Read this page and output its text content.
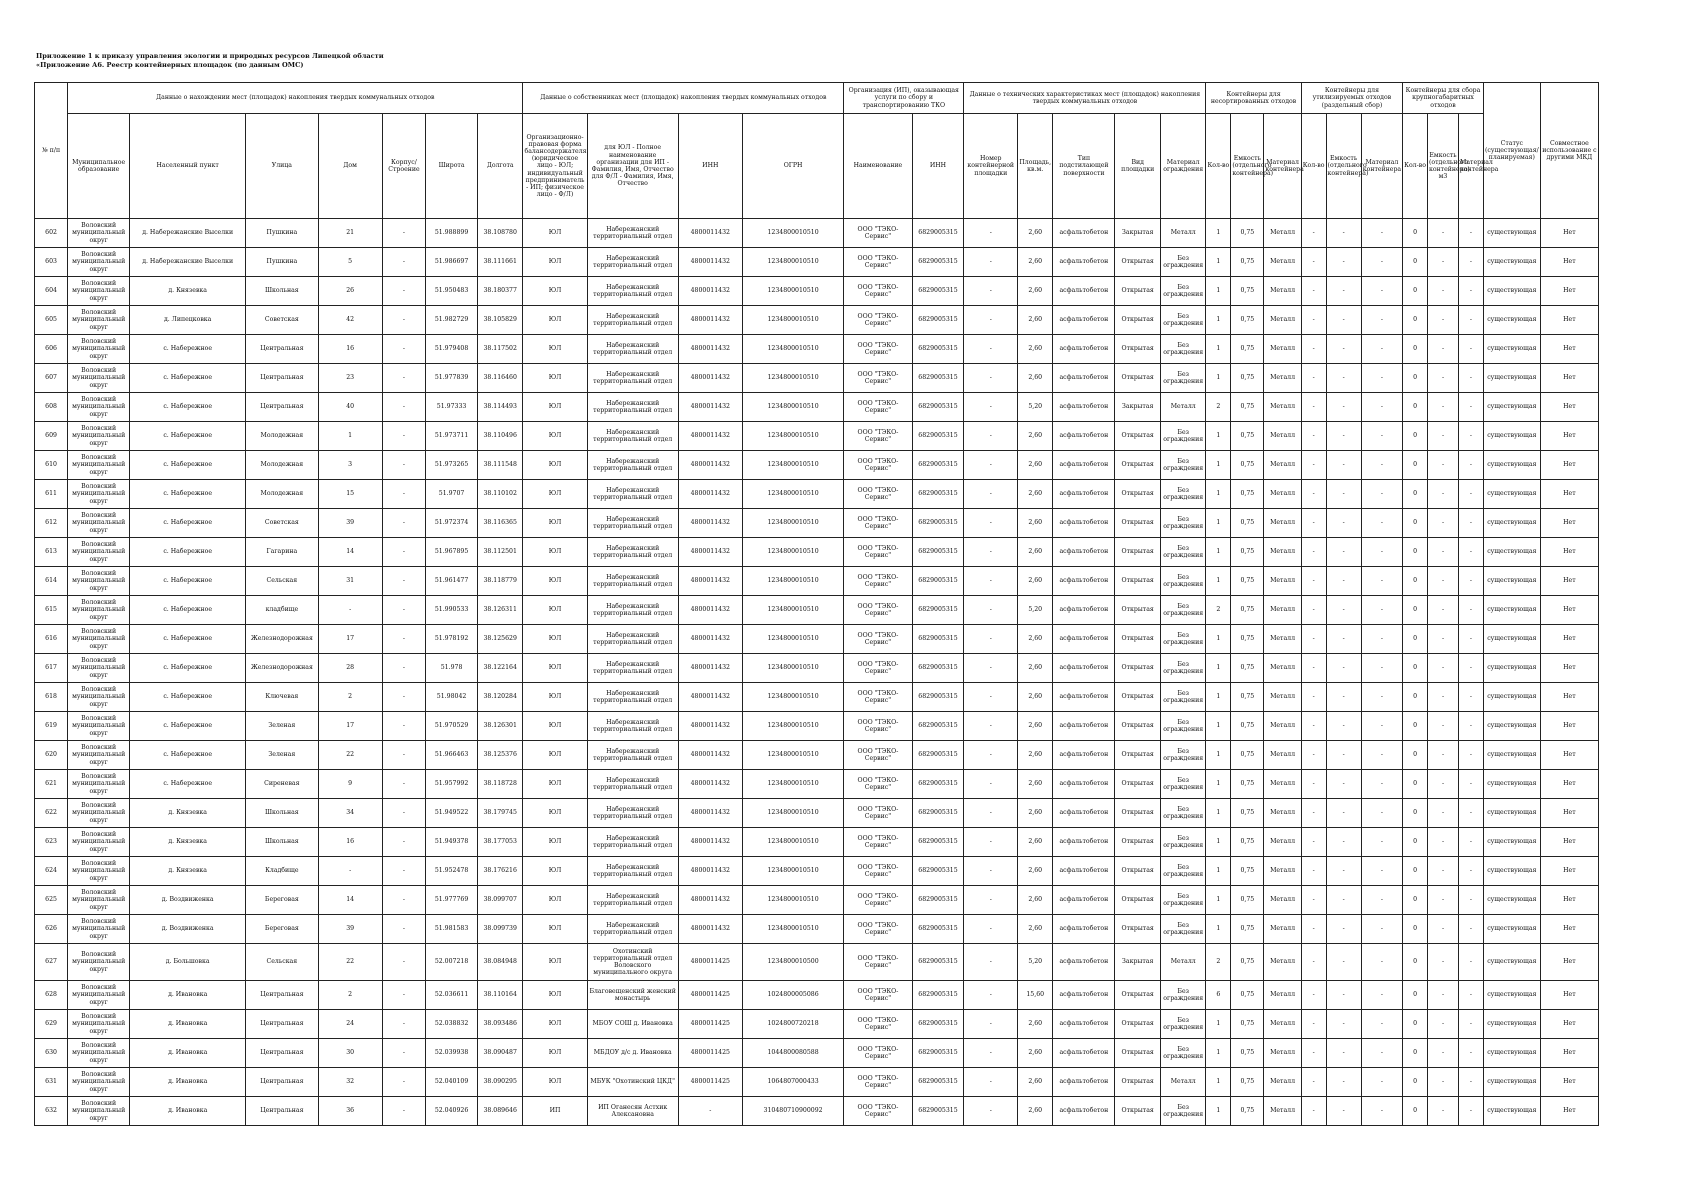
Приложение 1 к приказу управления экологии и природных ресурсов Липецкой области
«Приложение А6. Реестр контейнерных площадок (по данным ОМС)
№ п/п	Данные о нахождении мест (площадок) накопления твердых коммунальных отходов							Данные о собственниках мест (площадок) накопления твердых коммунальных отходов				Организация (ИП), оказывающая услуги по сбору и транспортированию ТКО		Данные о технических характеристиках мест (площадок) накопления твердых коммунальных отходов					Контейнеры для несортированных отходов			Контейнеры для утилизируемых отходов (раздельный сбор)			Контейнеры для сбора крупногабаритных отходов			Статус (существующая/планируемая)	Совместное использование с другими МКД
	Муниципальное образование	Населенный пункт	Улица	Дом	Корпус/Строение	Широта	Долгота	Организационно-правовая форма балансодержателя (юридическое лицо - ЮЛ; индивидуальный предприниматель - ИП; физическое лицо - Ф/Л)	для ЮЛ - Полное наименование организации для ИП - Фамилия, Имя, Отчество для Ф/Л - Фамилия, Имя, Отчество	ИНН	ОГРН	Наименование	ИНН	Номер контейнерной площадки	Площадь, кв.м.	Тип подстилающей поверхности	Вид площадки	Материал ограждения	Кол-во	Емкость (отдельного контейнера)	Материал контейнера	Кол-во	Емкость (отдельного контейнера)	Материал контейнера	Кол-во	Емкость (отдельного контейнера) м3	Материал контейнера		
602	Воловский муниципальный округ	д. Набережанские Выселки	Пушкина	21	-	51.988899	38.108780	ЮЛ	Набережанский территориальный отдел	4800011432	1234800010510	ООО "ТЭКО-Сервис"	6829005315	-	2,60	асфальтобетон	Закрытая	Металл	1	0,75	Металл	-	-	-	0	-	-	существующая	Нет
603	Воловский муниципальный округ	д. Набережанские Выселки	Пушкина	5	-	51.986697	38.111661	ЮЛ	Набережанский территориальный отдел	4800011432	1234800010510	ООО "ТЭКО-Сервис"	6829005315	-	2,60	асфальтобетон	Открытая	Без ограждения	1	0,75	Металл	-	-	-	0	-	-	существующая	Нет
604	Воловский муниципальный округ	д. Князевка	Школьная	26	-	51.950483	38.180377	ЮЛ	Набережанский территориальный отдел	4800011432	1234800010510	ООО "ТЭКО-Сервис"	6829005315	-	2,60	асфальтобетон	Открытая	Без ограждения	1	0,75	Металл	-	-	-	0	-	-	существующая	Нет
605	Воловский муниципальный округ	д. Липецковка	Советская	42	-	51.982729	38.105829	ЮЛ	Набережанский территориальный отдел	4800011432	1234800010510	ООО "ТЭКО-Сервис"	6829005315	-	2,60	асфальтобетон	Открытая	Без ограждения	1	0,75	Металл	-	-	-	0	-	-	существующая	Нет
606	Воловский муниципальный округ	с. Набережное	Центральная	16	-	51.979408	38.117502	ЮЛ	Набережанский территориальный отдел	4800011432	1234800010510	ООО "ТЭКО-Сервис"	6829005315	-	2,60	асфальтобетон	Открытая	Без ограждения	1	0,75	Металл	-	-	-	0	-	-	существующая	Нет
607	Воловский муниципальный округ	с. Набережное	Центральная	23	-	51.977839	38.116460	ЮЛ	Набережанский территориальный отдел	4800011432	1234800010510	ООО "ТЭКО-Сервис"	6829005315	-	2,60	асфальтобетон	Открытая	Без ограждения	1	0,75	Металл	-	-	-	0	-	-	существующая	Нет
608	Воловский муниципальный округ	с. Набережное	Центральная	40	-	51.97333	38.114493	ЮЛ	Набережанский территориальный отдел	4800011432	1234800010510	ООО "ТЭКО-Сервис"	6829005315	-	5,20	асфальтобетон	Закрытая	Металл	2	0,75	Металл	-	-	-	0	-	-	существующая	Нет
609	Воловский муниципальный округ	с. Набережное	Молодежная	1	-	51.973711	38.110496	ЮЛ	Набережанский территориальный отдел	4800011432	1234800010510	ООО "ТЭКО-Сервис"	6829005315	-	2,60	асфальтобетон	Открытая	Без ограждения	1	0,75	Металл	-	-	-	0	-	-	существующая	Нет
610	Воловский муниципальный округ	с. Набережное	Молодежная	3	-	51.973265	38.111548	ЮЛ	Набережанский территориальный отдел	4800011432	1234800010510	ООО "ТЭКО-Сервис"	6829005315	-	2,60	асфальтобетон	Открытая	Без ограждения	1	0,75	Металл	-	-	-	0	-	-	существующая	Нет
611	Воловский муниципальный округ	с. Набережное	Молодежная	15	-	51.9707	38.110102	ЮЛ	Набережанский территориальный отдел	4800011432	1234800010510	ООО "ТЭКО-Сервис"	6829005315	-	2,60	асфальтобетон	Открытая	Без ограждения	1	0,75	Металл	-	-	-	0	-	-	существующая	Нет
612	Воловский муниципальный округ	с. Набережное	Советская	39	-	51.972374	38.116365	ЮЛ	Набережанский территориальный отдел	4800011432	1234800010510	ООО "ТЭКО-Сервис"	6829005315	-	2,60	асфальтобетон	Открытая	Без ограждения	1	0,75	Металл	-	-	-	0	-	-	существующая	Нет
613	Воловский муниципальный округ	с. Набережное	Гагарина	14	-	51.967895	38.112501	ЮЛ	Набережанский территориальный отдел	4800011432	1234800010510	ООО "ТЭКО-Сервис"	6829005315	-	2,60	асфальтобетон	Открытая	Без ограждения	1	0,75	Металл	-	-	-	0	-	-	существующая	Нет
614	Воловский муниципальный округ	с. Набережное	Сельская	31	-	51.961477	38.118779	ЮЛ	Набережанский территориальный отдел	4800011432	1234800010510	ООО "ТЭКО-Сервис"	6829005315	-	2,60	асфальтобетон	Открытая	Без ограждения	1	0,75	Металл	-	-	-	0	-	-	существующая	Нет
615	Воловский муниципальный округ	с. Набережное	кладбище	-	-	51.990533	38.126311	ЮЛ	Набережанский территориальный отдел	4800011432	1234800010510	ООО "ТЭКО-Сервис"	6829005315	-	5,20	асфальтобетон	Открытая	Без ограждения	2	0,75	Металл	-	-	-	0	-	-	существующая	Нет
616	Воловский муниципальный округ	с. Набережное	Железнодорожная	17	-	51.978192	38.125629	ЮЛ	Набережанский территориальный отдел	4800011432	1234800010510	ООО "ТЭКО-Сервис"	6829005315	-	2,60	асфальтобетон	Открытая	Без ограждения	1	0,75	Металл	-	-	-	0	-	-	существующая	Нет
617	Воловский муниципальный округ	с. Набережное	Железнодорожная	28	-	51.978	38.122164	ЮЛ	Набережанский территориальный отдел	4800011432	1234800010510	ООО "ТЭКО-Сервис"	6829005315	-	2,60	асфальтобетон	Открытая	Без ограждения	1	0,75	Металл	-	-	-	0	-	-	существующая	Нет
618	Воловский муниципальный округ	с. Набережное	Ключевая	2	-	51.98042	38.120284	ЮЛ	Набережанский территориальный отдел	4800011432	1234800010510	ООО "ТЭКО-Сервис"	6829005315	-	2,60	асфальтобетон	Открытая	Без ограждения	1	0,75	Металл	-	-	-	0	-	-	существующая	Нет
619	Воловский муниципальный округ	с. Набережное	Зеленая	17	-	51.970529	38.126301	ЮЛ	Набережанский территориальный отдел	4800011432	1234800010510	ООО "ТЭКО-Сервис"	6829005315	-	2,60	асфальтобетон	Открытая	Без ограждения	1	0,75	Металл	-	-	-	0	-	-	существующая	Нет
620	Воловский муниципальный округ	с. Набережное	Зеленая	22	-	51.966463	38.125376	ЮЛ	Набережанский территориальный отдел	4800011432	1234800010510	ООО "ТЭКО-Сервис"	6829005315	-	2,60	асфальтобетон	Открытая	Без ограждения	1	0,75	Металл	-	-	-	0	-	-	существующая	Нет
621	Воловский муниципальный округ	с. Набережное	Сиреневая	9	-	51.957992	38.118728	ЮЛ	Набережанский территориальный отдел	4800011432	1234800010510	ООО "ТЭКО-Сервис"	6829005315	-	2,60	асфальтобетон	Открытая	Без ограждения	1	0,75	Металл	-	-	-	0	-	-	существующая	Нет
622	Воловский муниципальный округ	д. Князевка	Школьная	34	-	51.949522	38.179745	ЮЛ	Набережанский территориальный отдел	4800011432	1234800010510	ООО "ТЭКО-Сервис"	6829005315	-	2,60	асфальтобетон	Открытая	Без ограждения	1	0,75	Металл	-	-	-	0	-	-	существующая	Нет
623	Воловский муниципальный округ	д. Князевка	Школьная	16	-	51.949378	38.177053	ЮЛ	Набережанский территориальный отдел	4800011432	1234800010510	ООО "ТЭКО-Сервис"	6829005315	-	2,60	асфальтобетон	Открытая	Без ограждения	1	0,75	Металл	-	-	-	0	-	-	существующая	Нет
624	Воловский муниципальный округ	д. Князевка	Кладбище	-	-	51.952478	38.176216	ЮЛ	Набережанский территориальный отдел	4800011432	1234800010510	ООО "ТЭКО-Сервис"	6829005315	-	2,60	асфальтобетон	Открытая	Без ограждения	1	0,75	Металл	-	-	-	0	-	-	существующая	Нет
625	Воловский муниципальный округ	д. Воздвиженка	Береговая	14	-	51.977769	38.099707	ЮЛ	Набережанский территориальный отдел	4800011432	1234800010510	ООО "ТЭКО-Сервис"	6829005315	-	2,60	асфальтобетон	Открытая	Без ограждения	1	0,75	Металл	-	-	-	0	-	-	существующая	Нет
626	Воловский муниципальный округ	д. Воздвиженка	Береговая	39	-	51.981583	38.099739	ЮЛ	Набережанский территориальный отдел	4800011432	1234800010510	ООО "ТЭКО-Сервис"	6829005315	-	2,60	асфальтобетон	Открытая	Без ограждения	1	0,75	Металл	-	-	-	0	-	-	существующая	Нет
627	Воловский муниципальный округ	д. Большовка	Сельская	22	-	52.007218	38.084948	ЮЛ	Охотинский территориальный отдел Воловского муниципального округа	4800011425	1234800010500	ООО "ТЭКО-Сервис"	6829005315	-	5,20	асфальтобетон	Закрытая	Металл	2	0,75	Металл	-	-	-	0	-	-	существующая	Нет
628	Воловский муниципальный округ	д. Ивановка	Центральная	2	-	52.036611	38.110164	ЮЛ	Благовещенский женский монастырь	4800011425	1024800005086	ООО "ТЭКО-Сервис"	6829005315	-	15,60	асфальтобетон	Открытая	Без ограждения	6	0,75	Металл	-	-	-	0	-	-	существующая	Нет
629	Воловский муниципальный округ	д. Ивановка	Центральная	24	-	52.038832	38.093486	ЮЛ	МБОУ СОШ д. Ивановка	4800011425	1024800720218	ООО "ТЭКО-Сервис"	6829005315	-	2,60	асфальтобетон	Открытая	Без ограждения	1	0,75	Металл	-	-	-	0	-	-	существующая	Нет
630	Воловский муниципальный округ	д. Ивановка	Центральная	30	-	52.039938	38.090487	ЮЛ	МБДОУ д/с д. Ивановка	4800011425	1044800080588	ООО "ТЭКО-Сервис"	6829005315	-	2,60	асфальтобетон	Открытая	Без ограждения	1	0,75	Металл	-	-	-	0	-	-	существующая	Нет
631	Воловский муниципальный округ	д. Ивановка	Центральная	32	-	52.040109	38.090295	ЮЛ	МБУК "Охотинский ЦКД"	4800011425	1064807000433	ООО "ТЭКО-Сервис"	6829005315	-	2,60	асфальтобетон	Открытая	Металл	1	0,75	Металл	-	-	-	0	-	-	существующая	Нет
632	Воловский муниципальный округ	д. Ивановка	Центральная	36	-	52.040926	38.089646	ИП	ИП Оганесян Астхик Алексановна	-	310480710900092	ООО "ТЭКО-Сервис"	6829005315	-	2,60	асфальтобетон	Открытая	Без ограждения	1	0,75	Металл	-	-	-	0	-	-	существующая	Нет
